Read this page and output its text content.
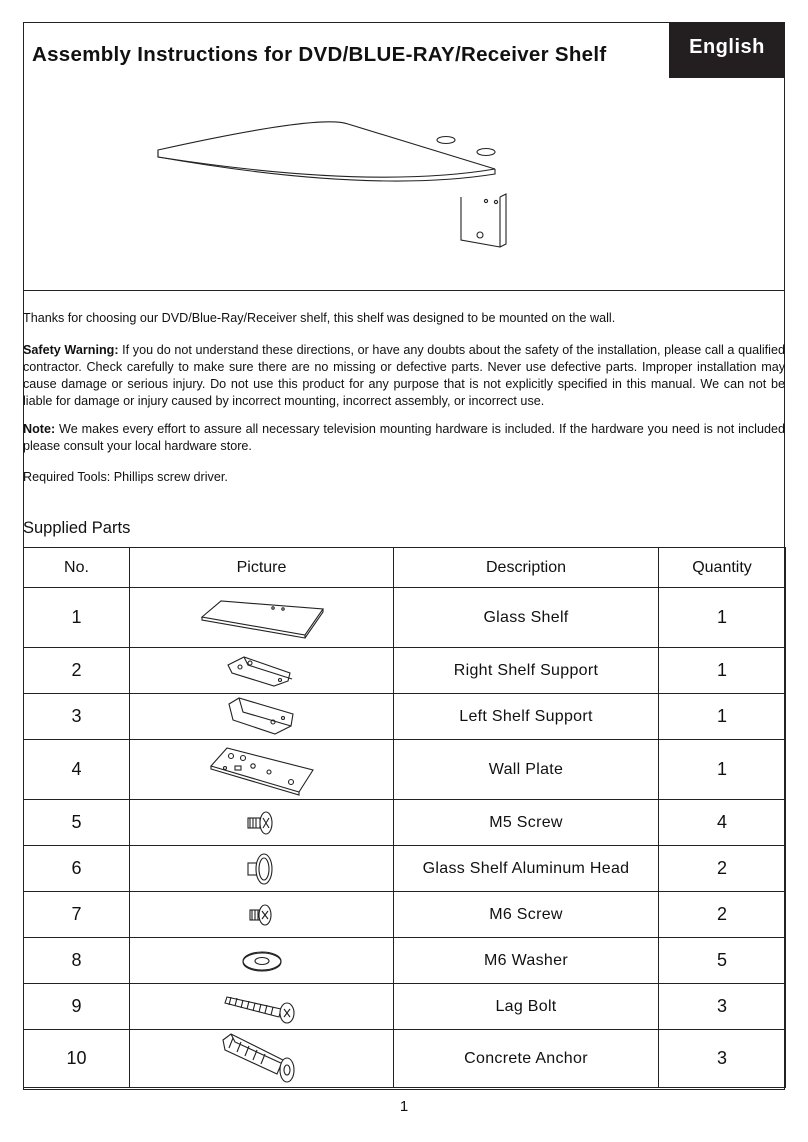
Assembly Instructions for DVD/BLUE-RAY/Receiver Shelf	English
Thanks for choosing our DVD/Blue-Ray/Receiver shelf, this shelf was designed to be mounted on the wall.
Safety Warning: If you do not understand these directions, or have any doubts about the safety of the installation, please call a qualified contractor. Check carefully to make sure there are no missing or defective parts. Never use defective parts. Improper installation may cause damage or serious injury. Do not use this product for any purpose that is not explicitly specified in this manual. We can not be liable for damage or injury caused by incorrect mounting, incorrect assembly, or incorrect use.
Note: We makes every effort to assure all necessary television mounting hardware is included. If the hardware you need is not included please consult your local hardware store.
Required Tools: Phillips screw driver.
Supplied Parts
No.	Picture	Description	Quantity
1		Glass Shelf	1
2		Right Shelf Support	1
3		Left Shelf Support	1
4		Wall Plate	1
5		M5 Screw	4
6		Glass Shelf Aluminum Head	2
7		M6 Screw	2
8		M6 Washer	5
9		Lag Bolt	3
10		Concrete Anchor	3
1
